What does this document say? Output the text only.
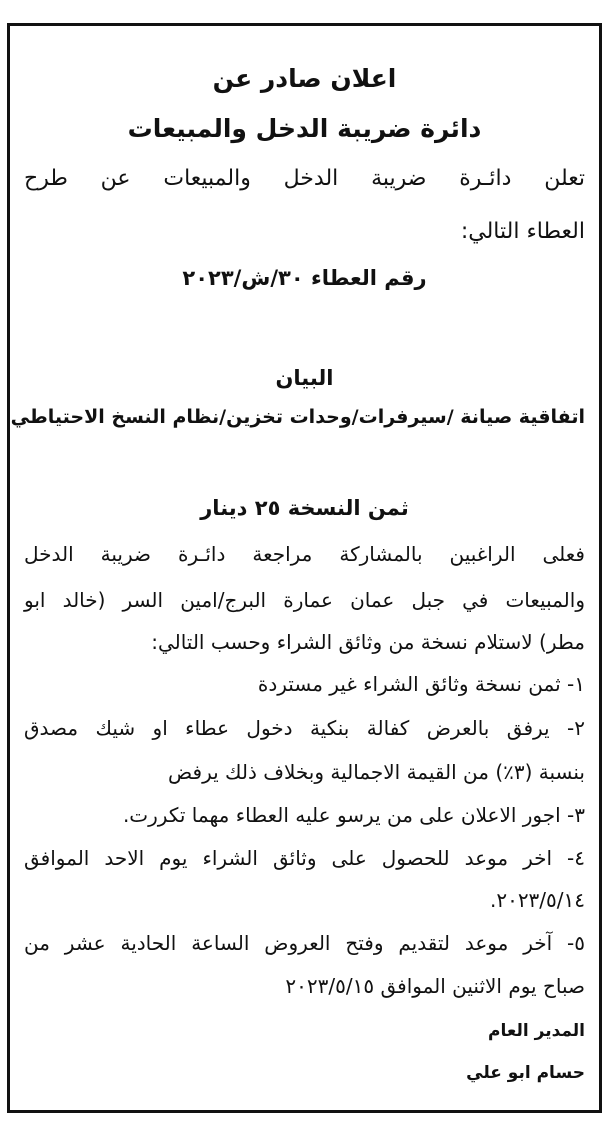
اعلان صادر عن
دائرة ضريبة الدخل والمبيعات
تعلن دائـرة ضريبة الدخل والمبيعات عن طرح
العطاء التالي:
رقم العطاء ٣٠/ش/٢٠٢٣
البيان
اتفاقية صيانة /سيرفرات/وحدات تخزين/نظام النسخ الاحتياطي
ثمن النسخة ٢٥ دينار
فعلى الراغبين بالمشاركة مراجعة دائـرة ضريبة الدخل
والمبيعات في جبل عمان عمارة البرج/امين السر (خالد ابو
مطر) لاستلام نسخة من وثائق الشراء وحسب التالي:
١- ثمن نسخة وثائق الشراء غير مستردة
٢- يرفق بالعرض كفالة بنكية دخول عطاء او شيك مصدق
بنسبة (٣٪) من القيمة الاجمالية وبخلاف ذلك يرفض
٣- اجور الاعلان على من يرسو عليه العطاء مهما تكررت.
٤- اخر موعد للحصول على وثائق الشراء يوم الاحد الموافق
٢٠٢٣/٥/١٤.
٥- آخر موعد لتقديم وفتح العروض الساعة الحادية عشر من
صباح يوم الاثنين الموافق ٢٠٢٣/٥/١٥
المدير العام
حسام ابو علي
